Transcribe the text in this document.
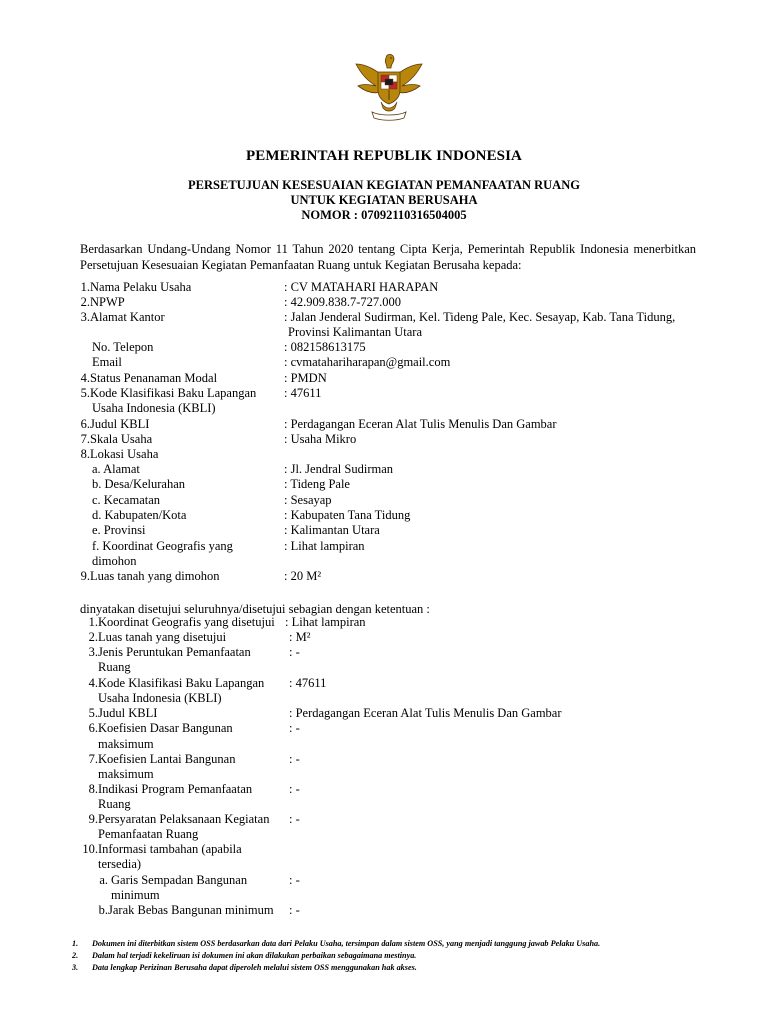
PEMERINTAH REPUBLIK INDONESIA
PERSETUJUAN KESESUAIAN KEGIATAN PEMANFAATAN RUANG
UNTUK KEGIATAN BERUSAHA
NOMOR : 07092110316504005
Berdasarkan Undang-Undang Nomor 11 Tahun 2020 tentang Cipta Kerja, Pemerintah Republik Indonesia menerbitkan Persetujuan Kesesuaian Kegiatan Pemanfaatan Ruang untuk Kegiatan Berusaha kepada:
1. Nama Pelaku Usaha	: CV MATAHARI HARAPAN
2. NPWP	: 42.909.838.7-727.000
3. Alamat Kantor	: Jalan Jenderal Sudirman, Kel. Tideng Pale, Kec. Sesayap, Kab. Tana Tidung,
Provinsi Kalimantan Utara
No. Telepon	: 082158613175
Email	: cvmatahariharapan@gmail.com
4. Status Penanaman Modal	: PMDN
5. Kode Klasifikasi Baku Lapangan	: 47611
Usaha Indonesia (KBLI)
6. Judul KBLI	: Perdagangan Eceran Alat Tulis Menulis Dan Gambar
7. Skala Usaha	: Usaha Mikro
8. Lokasi Usaha
a. Alamat	: Jl. Jendral Sudirman
b. Desa/Kelurahan	: Tideng Pale
c. Kecamatan	: Sesayap
d. Kabupaten/Kota	: Kabupaten Tana Tidung
e. Provinsi	: Kalimantan Utara
f. Koordinat Geografis yang	: Lihat lampiran
dimohon
9. Luas tanah yang dimohon	: 20 M²
dinyatakan disetujui seluruhnya/disetujui sebagian dengan ketentuan :
1. Koordinat Geografis yang disetujui : Lihat lampiran
2. Luas tanah yang disetujui	: M²
3. Jenis Peruntukan Pemanfaatan	: -
Ruang
4. Kode Klasifikasi Baku Lapangan	: 47611
Usaha Indonesia (KBLI)
5. Judul KBLI	: Perdagangan Eceran Alat Tulis Menulis Dan Gambar
6. Koefisien Dasar Bangunan	: -
maksimum
7. Koefisien Lantai Bangunan	: -
maksimum
8. Indikasi Program Pemanfaatan	: -
Ruang
9. Persyaratan Pelaksanaan Kegiatan	: -
Pemanfaatan Ruang
10. Informasi tambahan (apabila
tersedia)
a. Garis Sempadan Bangunan	: -
minimum
b. Jarak Bebas Bangunan minimum	: -
1. Dokumen ini diterbitkan sistem OSS berdasarkan data dari Pelaku Usaha, tersimpan dalam sistem OSS, yang menjadi tanggung jawab Pelaku Usaha.
2. Dalam hal terjadi kekeliruan isi dokumen ini akan dilakukan perbaikan sebagaimana mestinya.
3. Data lengkap Perizinan Berusaha dapat diperoleh melalui sistem OSS menggunakan hak akses.
